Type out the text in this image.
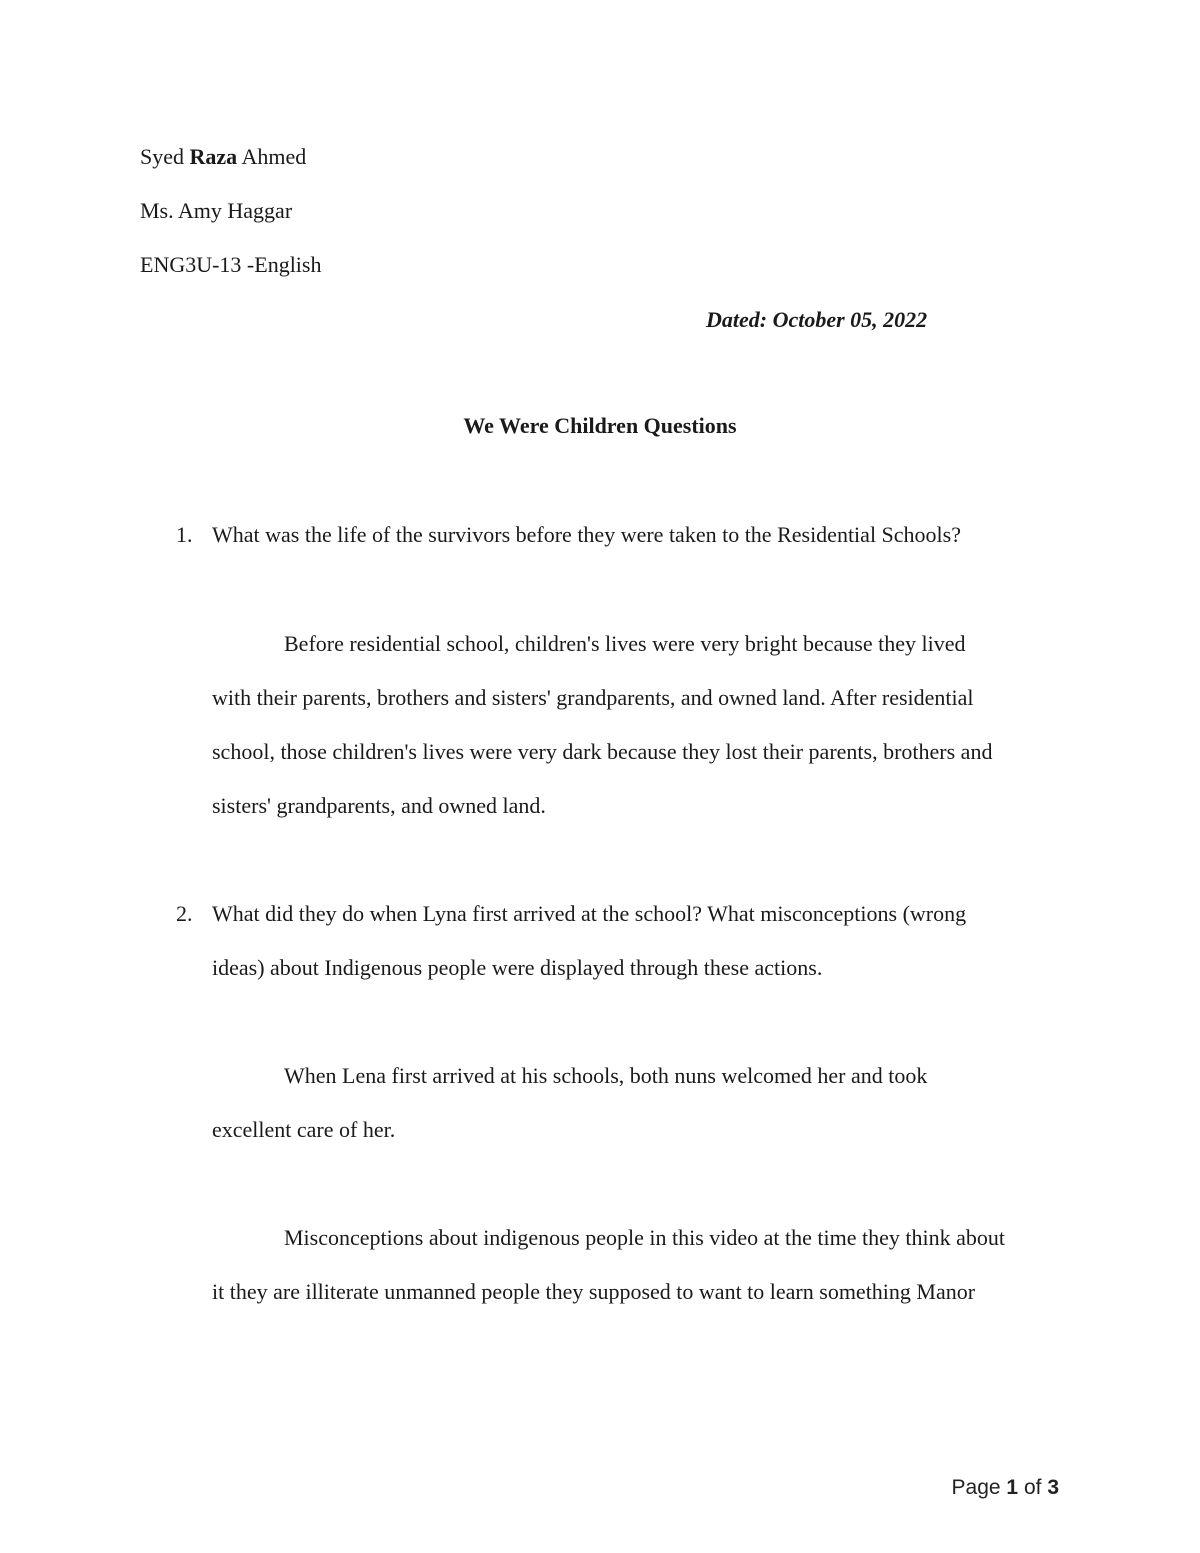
Syed Raza Ahmed
Ms. Amy Haggar
ENG3U-13 -English
Dated: October 05, 2022
We Were Children Questions
1. What was the life of the survivors before they were taken to the Residential Schools?
Before residential school, children's lives were very bright because they lived
with their parents, brothers and sisters' grandparents, and owned land. After residential
school, those children's lives were very dark because they lost their parents, brothers and
sisters' grandparents, and owned land.
2. What did they do when Lyna first arrived at the school? What misconceptions (wrong
ideas) about Indigenous people were displayed through these actions.
When Lena first arrived at his schools, both nuns welcomed her and took
excellent care of her.
Misconceptions about indigenous people in this video at the time they think about
it they are illiterate unmanned people they supposed to want to learn something Manor
Page 1 of 3
